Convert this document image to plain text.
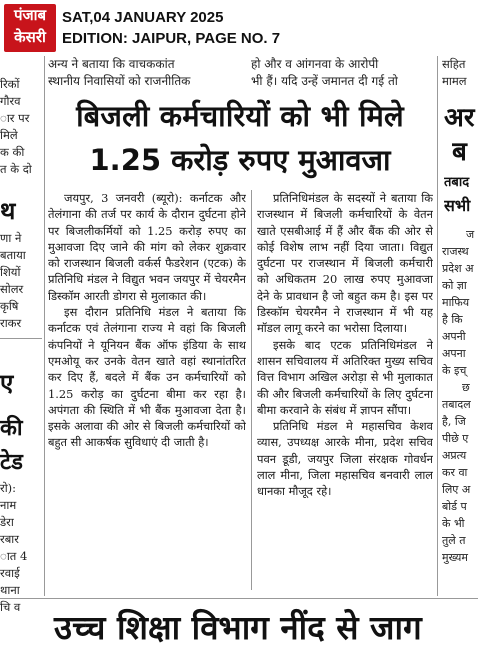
पंजाब
केसरी
SAT,04 JANUARY 2025
EDITION: JAIPUR, PAGE NO. 7
अन्य ने बताया कि वाचककांत
स्थानीय निवासियों को राजनीतिक
हो और व आंगनवा के आरोपी
भी हैं। यदि उन्हें जमानत दी गई तो
बिजली कर्मचारियों को भी मिले
1.25 करोड़ रुपए मुआवजा

जयपुर, 3 जनवरी (ब्यूरो): कर्नाटक और तेलंगाना की तर्ज पर कार्य के दौरान दुर्घटना होने पर बिजलीकर्मियों को 1.25 करोड़ रुपए का मुआवजा दिए जाने की मांग को लेकर शुक्रवार को राजस्थान बिजली वर्कर्स फैडरेशन (एटक) के प्रतिनिधि मंडल ने विद्युत भवन जयपुर में चेयरमैन डिस्कॉम आरती डोगरा से मुलाकात की।

इस दौरान प्रतिनिधि मंडल ने बताया कि कर्नाटक एवं तेलंगाना राज्य मे वहां कि बिजली कंपनियों ने यूनियन बैंक ऑफ इंडिया के साथ एमओयू कर उनके वेतन खाते वहां स्थानांतरित कर दिए हैं, बदले में बैंक उन कर्मचारियों को 1.25 करोड़ का दुर्घटना बीमा कर रहा है। अपंगता की स्थिति में भी बैंक मुआवजा देता है। इसके अलावा की ओर से बिजली कर्मचारियों को बहुत सी आकर्षक सुविधाएं दी जाती है।

प्रतिनिधिमंडल के सदस्यों ने बताया कि राजस्थान में बिजली कर्मचारियों के वेतन खाते एसबीआई में हैं और बैंक की ओर से कोई विशेष लाभ नहीं दिया जाता। विद्युत दुर्घटना पर राजस्थान में बिजली कर्मचारी को अधिकतम 20 लाख रुपए मुआवजा देने के प्रावधान है जो बहुत कम है। इस पर डिस्कॉम चेयरमैन ने राजस्थान में भी यह मॉडल लागू करने का भरोसा दिलाया।

इसके बाद एटक प्रतिनिधिमंडल ने शासन सचिवालय में अतिरिक्त मुख्य सचिव वित्त विभाग अखिल अरोड़ा से भी मुलाकात की और बिजली कर्मचारियों के लिए दुर्घटना बीमा करवाने के संबंध में ज्ञापन सौंपा।

प्रतिनिधि मंडल मे महासचिव केशव व्यास, उपध्यक्ष आरके मीना, प्रदेश सचिव पवन डूडी, जयपुर जिला संरक्षक गोवर्धन लाल मीना, जिला महासचिव बनवारी लाल धानका मौजूद रहे।

रिकों
गौरव
ार पर
मिले
क की
त के दो
थ
णा ने
बताया
शियों
सोलर
कृषि
राकर
ए
की
टेड
रो):
नाम
डेरा
रबार
ात 4
रवाई
थाना
चि व
सहित
मामल
अर
ब
तबाद
सभी
ज
राजस्थ
प्रदेश अ
को ज्ञा
माफिय
है कि
अपनी
अपना
के इच्
छ
तबादल
है, जि
पीछे ए
अप्रत्य
कर वा
लिए अ
बोर्ड प
के भी
तुले त
मुख्यम
उच्च शिक्षा विभाग नींद से जाग
